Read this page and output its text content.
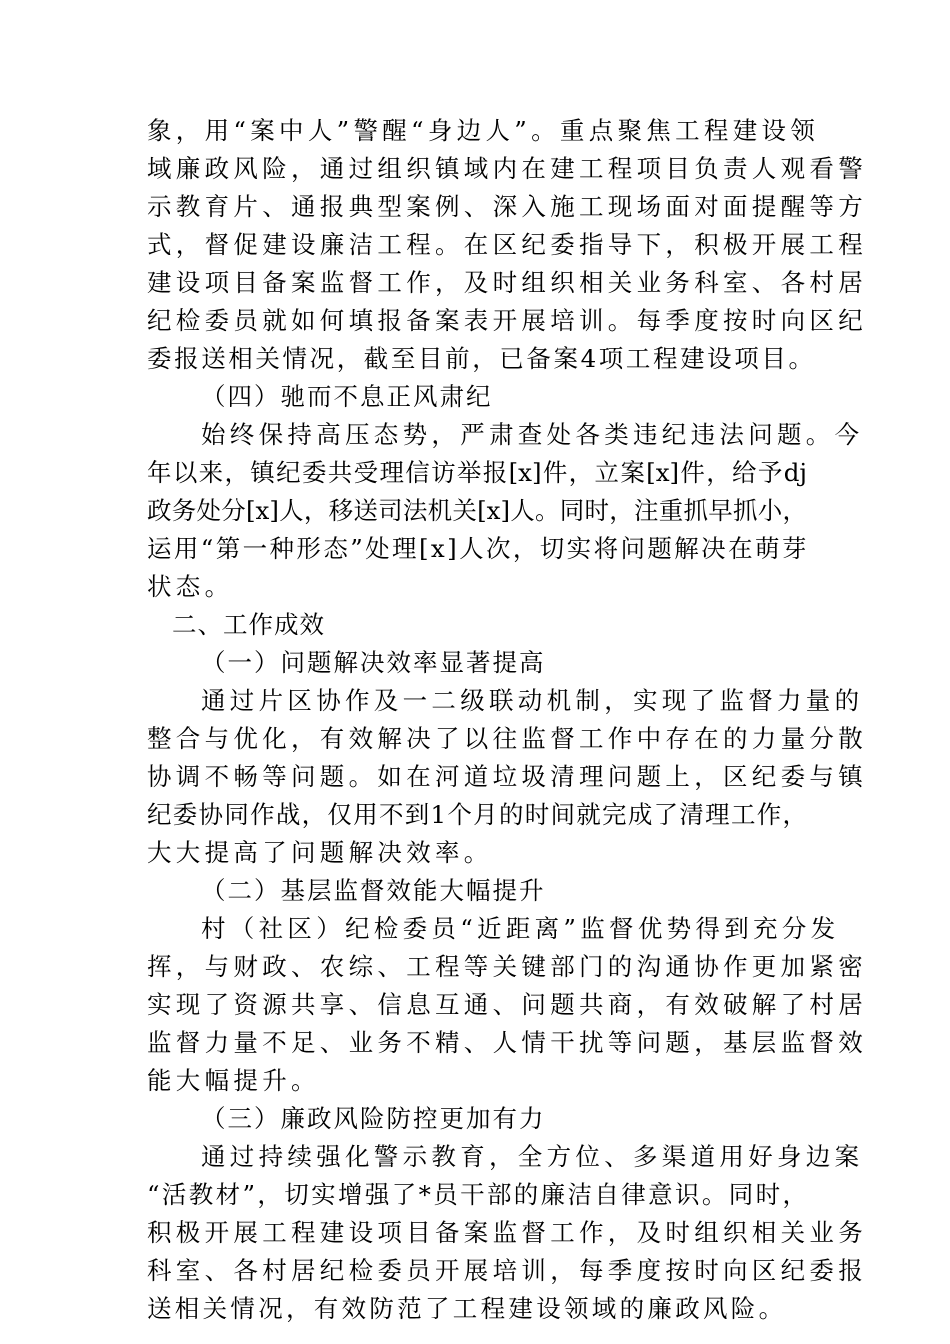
象，用“案中人”警醒“身边人”。重点聚焦工程建设领
域廉政风险，通过组织镇域内在建工程项目负责人观看警
示教育片、通报典型案例、深入施工现场面对面提醒等方
式，督促建设廉洁工程。在区纪委指导下，积极开展工程
建设项目备案监督工作，及时组织相关业务科室、各村居
纪检委员就如何填报备案表开展培训。每季度按时向区纪
委报送相关情况，截至目前，已备案4项工程建设项目。
（四）驰而不息正风肃纪
始终保持高压态势，严肃查处各类违纪违法问题。今
年以来，镇纪委共受理信访举报[x]件，立案[x]件，给予dj
政务处分[x]人，移送司法机关[x]人。同时，注重抓早抓小，
运用“第一种形态”处理[x]人次，切实将问题解决在萌芽
状态。
二、工作成效
（一）问题解决效率显著提高
通过片区协作及一二级联动机制，实现了监督力量的
整合与优化，有效解决了以往监督工作中存在的力量分散
协调不畅等问题。如在河道垃圾清理问题上，区纪委与镇
纪委协同作战，仅用不到1个月的时间就完成了清理工作，
大大提高了问题解决效率。
（二）基层监督效能大幅提升
村（社区）纪检委员“近距离”监督优势得到充分发
挥，与财政、农综、工程等关键部门的沟通协作更加紧密
实现了资源共享、信息互通、问题共商，有效破解了村居
监督力量不足、业务不精、人情干扰等问题，基层监督效
能大幅提升。
（三）廉政风险防控更加有力
通过持续强化警示教育，全方位、多渠道用好身边案
“活教材”，切实增强了*员干部的廉洁自律意识。同时，
积极开展工程建设项目备案监督工作，及时组织相关业务
科室、各村居纪检委员开展培训，每季度按时向区纪委报
送相关情况，有效防范了工程建设领域的廉政风险。
